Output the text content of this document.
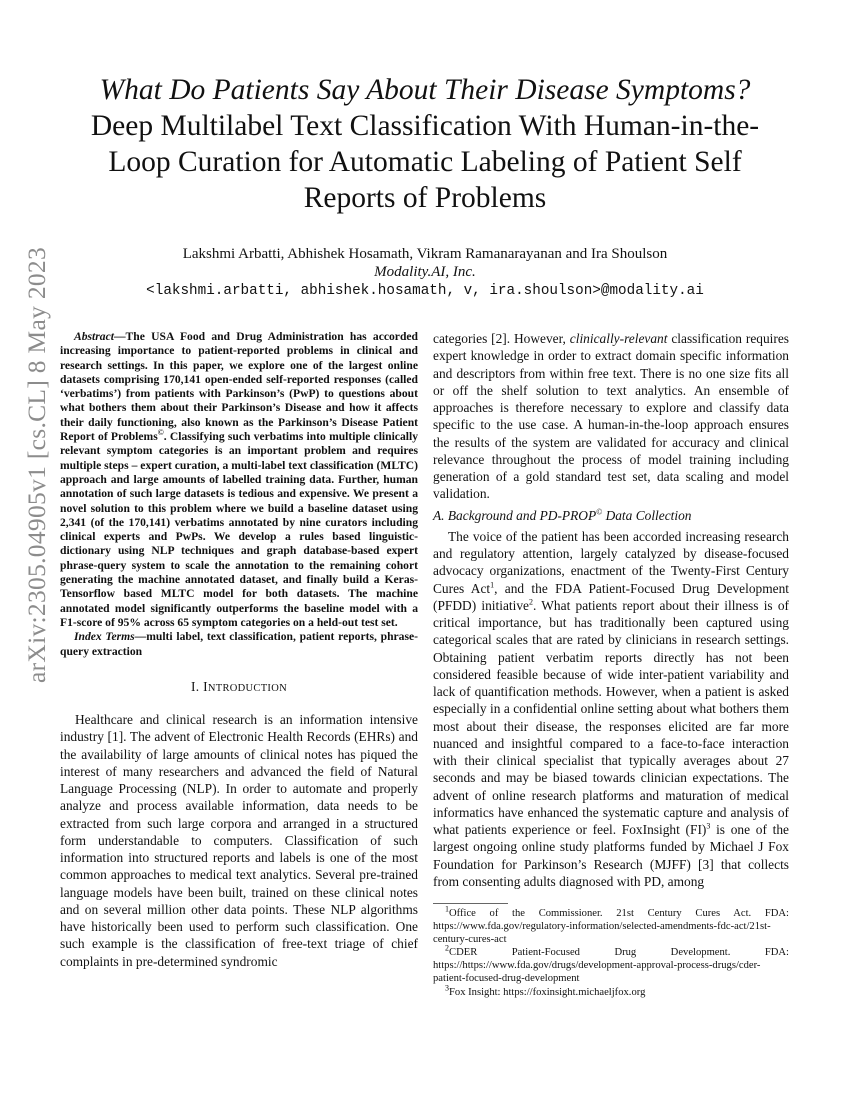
arXiv:2305.04905v1 [cs.CL] 8 May 2023
What Do Patients Say About Their Disease Symptoms? Deep Multilabel Text Classification With Human-in-the-Loop Curation for Automatic Labeling of Patient Self Reports of Problems
Lakshmi Arbatti, Abhishek Hosamath, Vikram Ramanarayanan and Ira Shoulson
Modality.AI, Inc.
<lakshmi.arbatti, abhishek.hosamath, v, ira.shoulson>@modality.ai

Abstract—The USA Food and Drug Administration has accorded increasing importance to patient-reported problems in clinical and research settings. In this paper, we explore one of the largest online datasets comprising 170,141 open-ended self-reported responses (called ‘verbatims’) from patients with Parkinson’s (PwP) to questions about what bothers them about their Parkinson’s Disease and how it affects their daily functioning, also known as the Parkinson’s Disease Patient Report of Problems©. Classifying such verbatims into multiple clinically relevant symptom categories is an important problem and requires multiple steps – expert curation, a multi-label text classification (MLTC) approach and large amounts of labelled training data. Further, human annotation of such large datasets is tedious and expensive. We present a novel solution to this problem where we build a baseline dataset using 2,341 (of the 170,141) verbatims annotated by nine curators including clinical experts and PwPs. We develop a rules based linguistic-dictionary using NLP techniques and graph database-based expert phrase-query system to scale the annotation to the remaining cohort generating the machine annotated dataset, and finally build a Keras-Tensorflow based MLTC model for both datasets. The machine annotated model significantly outperforms the baseline model with a F1-score of 95% across 65 symptom categories on a held-out test set.

Index Terms—multi label, text classification, patient reports, phrase-query extraction

I. INTRODUCTION

Healthcare and clinical research is an information intensive industry [1]. The advent of Electronic Health Records (EHRs) and the availability of large amounts of clinical notes has piqued the interest of many researchers and advanced the field of Natural Language Processing (NLP). In order to automate and properly analyze and process available information, data needs to be extracted from such large corpora and arranged in a structured form understandable to computers. Classification of such information into structured reports and labels is one of the most common approaches to medical text analytics. Several pre-trained language models have been built, trained on these clinical notes and on several million other data points. These NLP algorithms have historically been used to perform such classification. One such example is the classification of free-text triage of chief complaints in pre-determined syndromic

categories [2]. However, clinically-relevant classification requires expert knowledge in order to extract domain specific information and descriptors from within free text. There is no one size fits all or off the shelf solution to text analytics. An ensemble of approaches is therefore necessary to explore and classify data specific to the use case. A human-in-the-loop approach ensures the results of the system are validated for accuracy and clinical relevance throughout the process of model training including generation of a gold standard test set, data scaling and model validation.

A. Background and PD-PROP© Data Collection

The voice of the patient has been accorded increasing research and regulatory attention, largely catalyzed by disease-focused advocacy organizations, enactment of the Twenty-First Century Cures Act$^1$, and the FDA Patient-Focused Drug Development (PFDD) initiative$^2$. What patients report about their illness is of critical importance, but has traditionally been captured using categorical scales that are rated by clinicians in research settings. Obtaining patient verbatim reports directly has not been considered feasible because of wide inter-patient variability and lack of quantification methods. However, when a patient is asked especially in a confidential online setting about what bothers them most about their disease, the responses elicited are far more nuanced and insightful compared to a face-to-face interaction with their clinical specialist that typically averages about 27 seconds and may be biased towards clinician expectations. The advent of online research platforms and maturation of medical informatics have enhanced the systematic capture and analysis of what patients experience or feel. FoxInsight (FI)$^3$ is one of the largest ongoing online study platforms funded by Michael J Fox Foundation for Parkinson’s Research (MJFF) [3] that collects from consenting adults diagnosed with PD, among

$^1$Office of the Commissioner. 21st Century Cures Act. FDA: https://www.fda.gov/regulatory-information/selected-amendments-fdc-act/21st-century-cures-act
$^2$CDER Patient-Focused Drug Development. FDA: https://https://www.fda.gov/drugs/development-approval-process-drugs/cder-patient-focused-drug-development
$^3$Fox Insight: https://foxinsight.michaeljfox.org
